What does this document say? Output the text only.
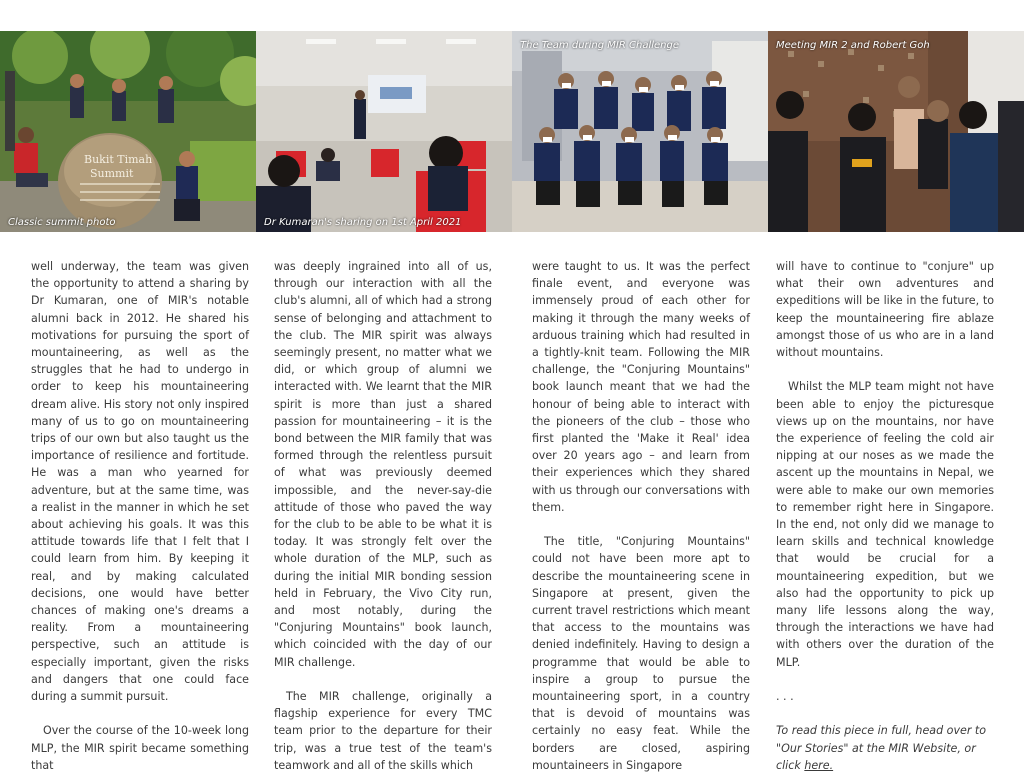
Bukit Timah
Summit
Classic summit photo	Dr Kumaran's sharing on 1st April 2021
The Team during MIR Challenge	Meeting MIR 2 and Robert Goh

well underway, the team was given the opportunity to attend a sharing by Dr Kumaran, one of MIR's notable alumni back in 2012. He shared his motivations for pursuing the sport of mountaineering, as well as the struggles that he had to undergo in order to keep his mountaineering dream alive. His story not only inspired many of us to go on mountaineering trips of our own but also taught us the importance of resilience and fortitude. He was a man who yearned for adventure, but at the same time, was a realist in the manner in which he set about achieving his goals. It was this attitude towards life that I felt that I could learn from him. By keeping it real, and by making calculated decisions, one would have better chances of making one's dreams a reality. From a mountaineering perspective, such an attitude is especially important, given the risks and dangers that one could face during a summit pursuit.

Over the course of the 10-week long MLP, the MIR spirit became something that

was deeply ingrained into all of us, through our interaction with all the club's alumni, all of which had a strong sense of belonging and attachment to the club. The MIR spirit was always seemingly present, no matter what we did, or which group of alumni we interacted with. We learnt that the MIR spirit is more than just a shared passion for mountaineering – it is the bond between the MIR family that was formed through the relentless pursuit of what was previously deemed impossible, and the never-say-die attitude of those who paved the way for the club to be able to be what it is today. It was strongly felt over the whole duration of the MLP, such as during the initial MIR bonding session held in February, the Vivo City run, and most notably, during the "Conjuring Mountains" book launch, which coincided with the day of our MIR challenge.

The MIR challenge, originally a flagship experience for every TMC team prior to the departure for their trip, was a true test of the team's teamwork and all of the skills which

were taught to us. It was the perfect finale event, and everyone was immensely proud of each other for making it through the many weeks of arduous training which had resulted in a tightly-knit team. Following the MIR challenge, the "Conjuring Mountains" book launch meant that we had the honour of being able to interact with the pioneers of the club – those who first planted the 'Make it Real' idea over 20 years ago – and learn from their experiences which they shared with us through our conversations with them.

The title, "Conjuring Mountains" could not have been more apt to describe the mountaineering scene in Singapore at present, given the current travel restrictions which meant that access to the mountains was denied indefinitely. Having to design a programme that would be able to inspire a group to pursue the mountaineering sport, in a country that is devoid of mountains was certainly no easy feat. While the borders are closed, aspiring mountaineers in Singapore

will have to continue to "conjure" up what their own adventures and expeditions will be like in the future, to keep the mountaineering fire ablaze amongst those of us who are in a land without mountains.

Whilst the MLP team might not have been able to enjoy the picturesque views up on the mountains, nor have the experience of feeling the cold air nipping at our noses as we made the ascent up the mountains in Nepal, we were able to make our own memories to remember right here in Singapore. In the end, not only did we manage to learn skills and technical knowledge that would be crucial for a mountaineering expedition, but we also had the opportunity to pick up many life lessons along the way, through the interactions we have had with others over the duration of the MLP.

. . .

To read this piece in full, head over to "Our Stories" at the MIR Website, or click here.
